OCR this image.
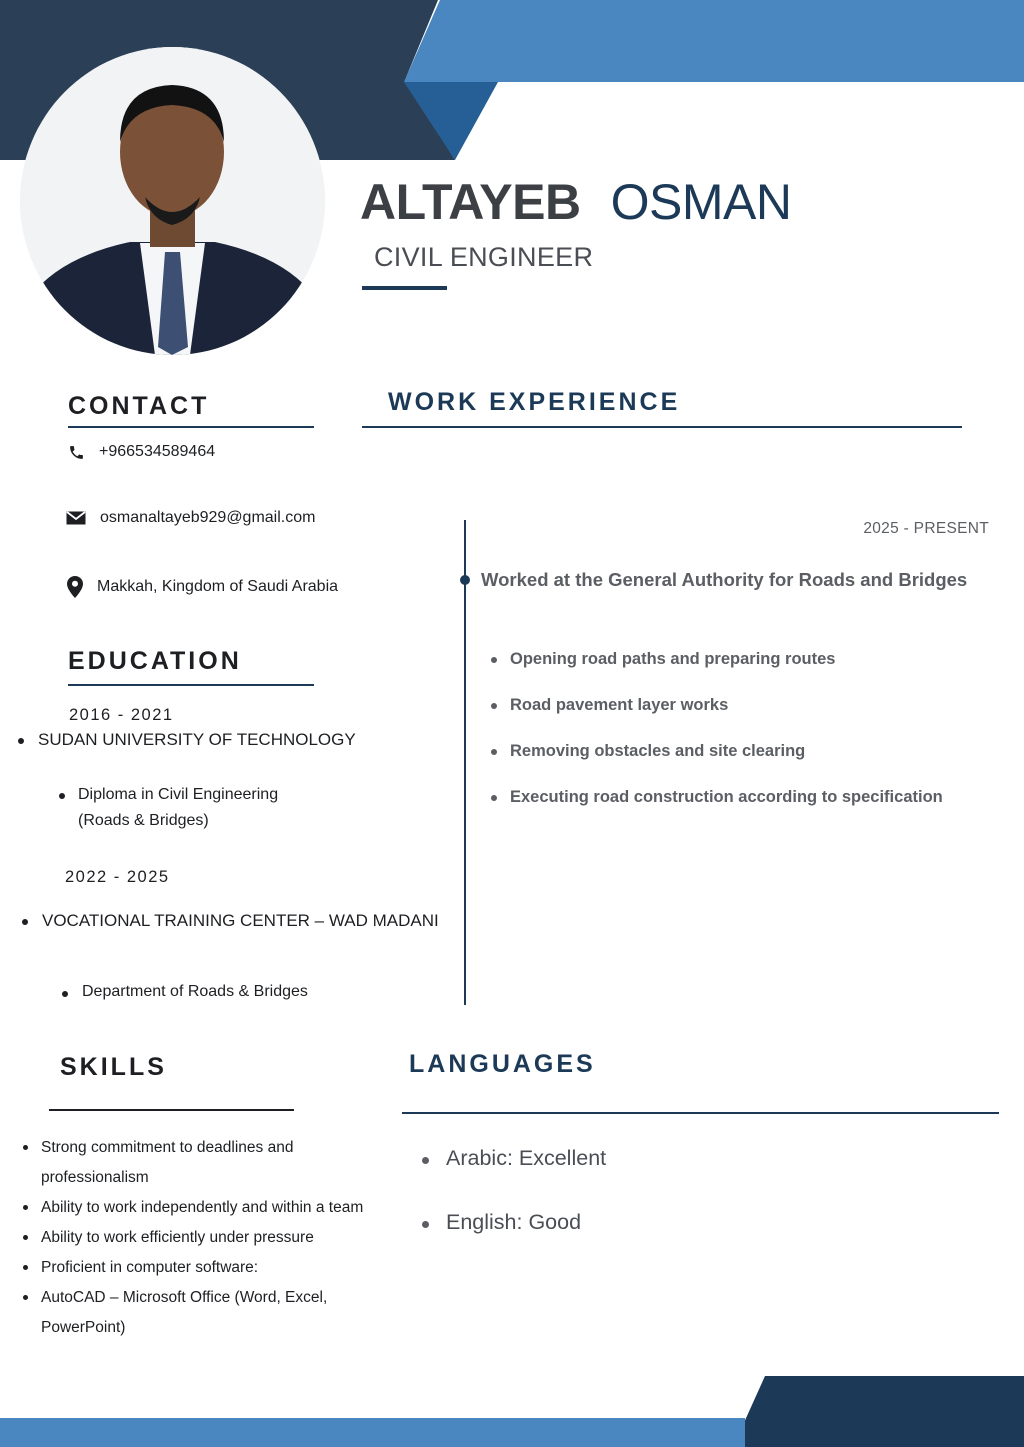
ALTAYEB OSMAN
CIVIL ENGINEER
CONTACT
+966534589464
osmanaltayeb929@gmail.com
Makkah, Kingdom of Saudi Arabia
EDUCATION
2016 - 2021
SUDAN UNIVERSITY OF TECHNOLOGY
Diploma in Civil Engineering
(Roads & Bridges)
2022 - 2025
VOCATIONAL TRAINING CENTER – WAD MADANI
Department of Roads & Bridges
WORK EXPERIENCE
2025 - PRESENT
Worked at the General Authority for Roads and Bridges
Opening road paths and preparing routes
Road pavement layer works
Removing obstacles and site clearing
Executing road construction according to specification
SKILLS
Strong commitment to deadlines and professionalism
Ability to work independently and within a team
Ability to work efficiently under pressure
Proficient in computer software:
AutoCAD – Microsoft Office (Word, Excel, PowerPoint)
LANGUAGES
Arabic: Excellent
English: Good
